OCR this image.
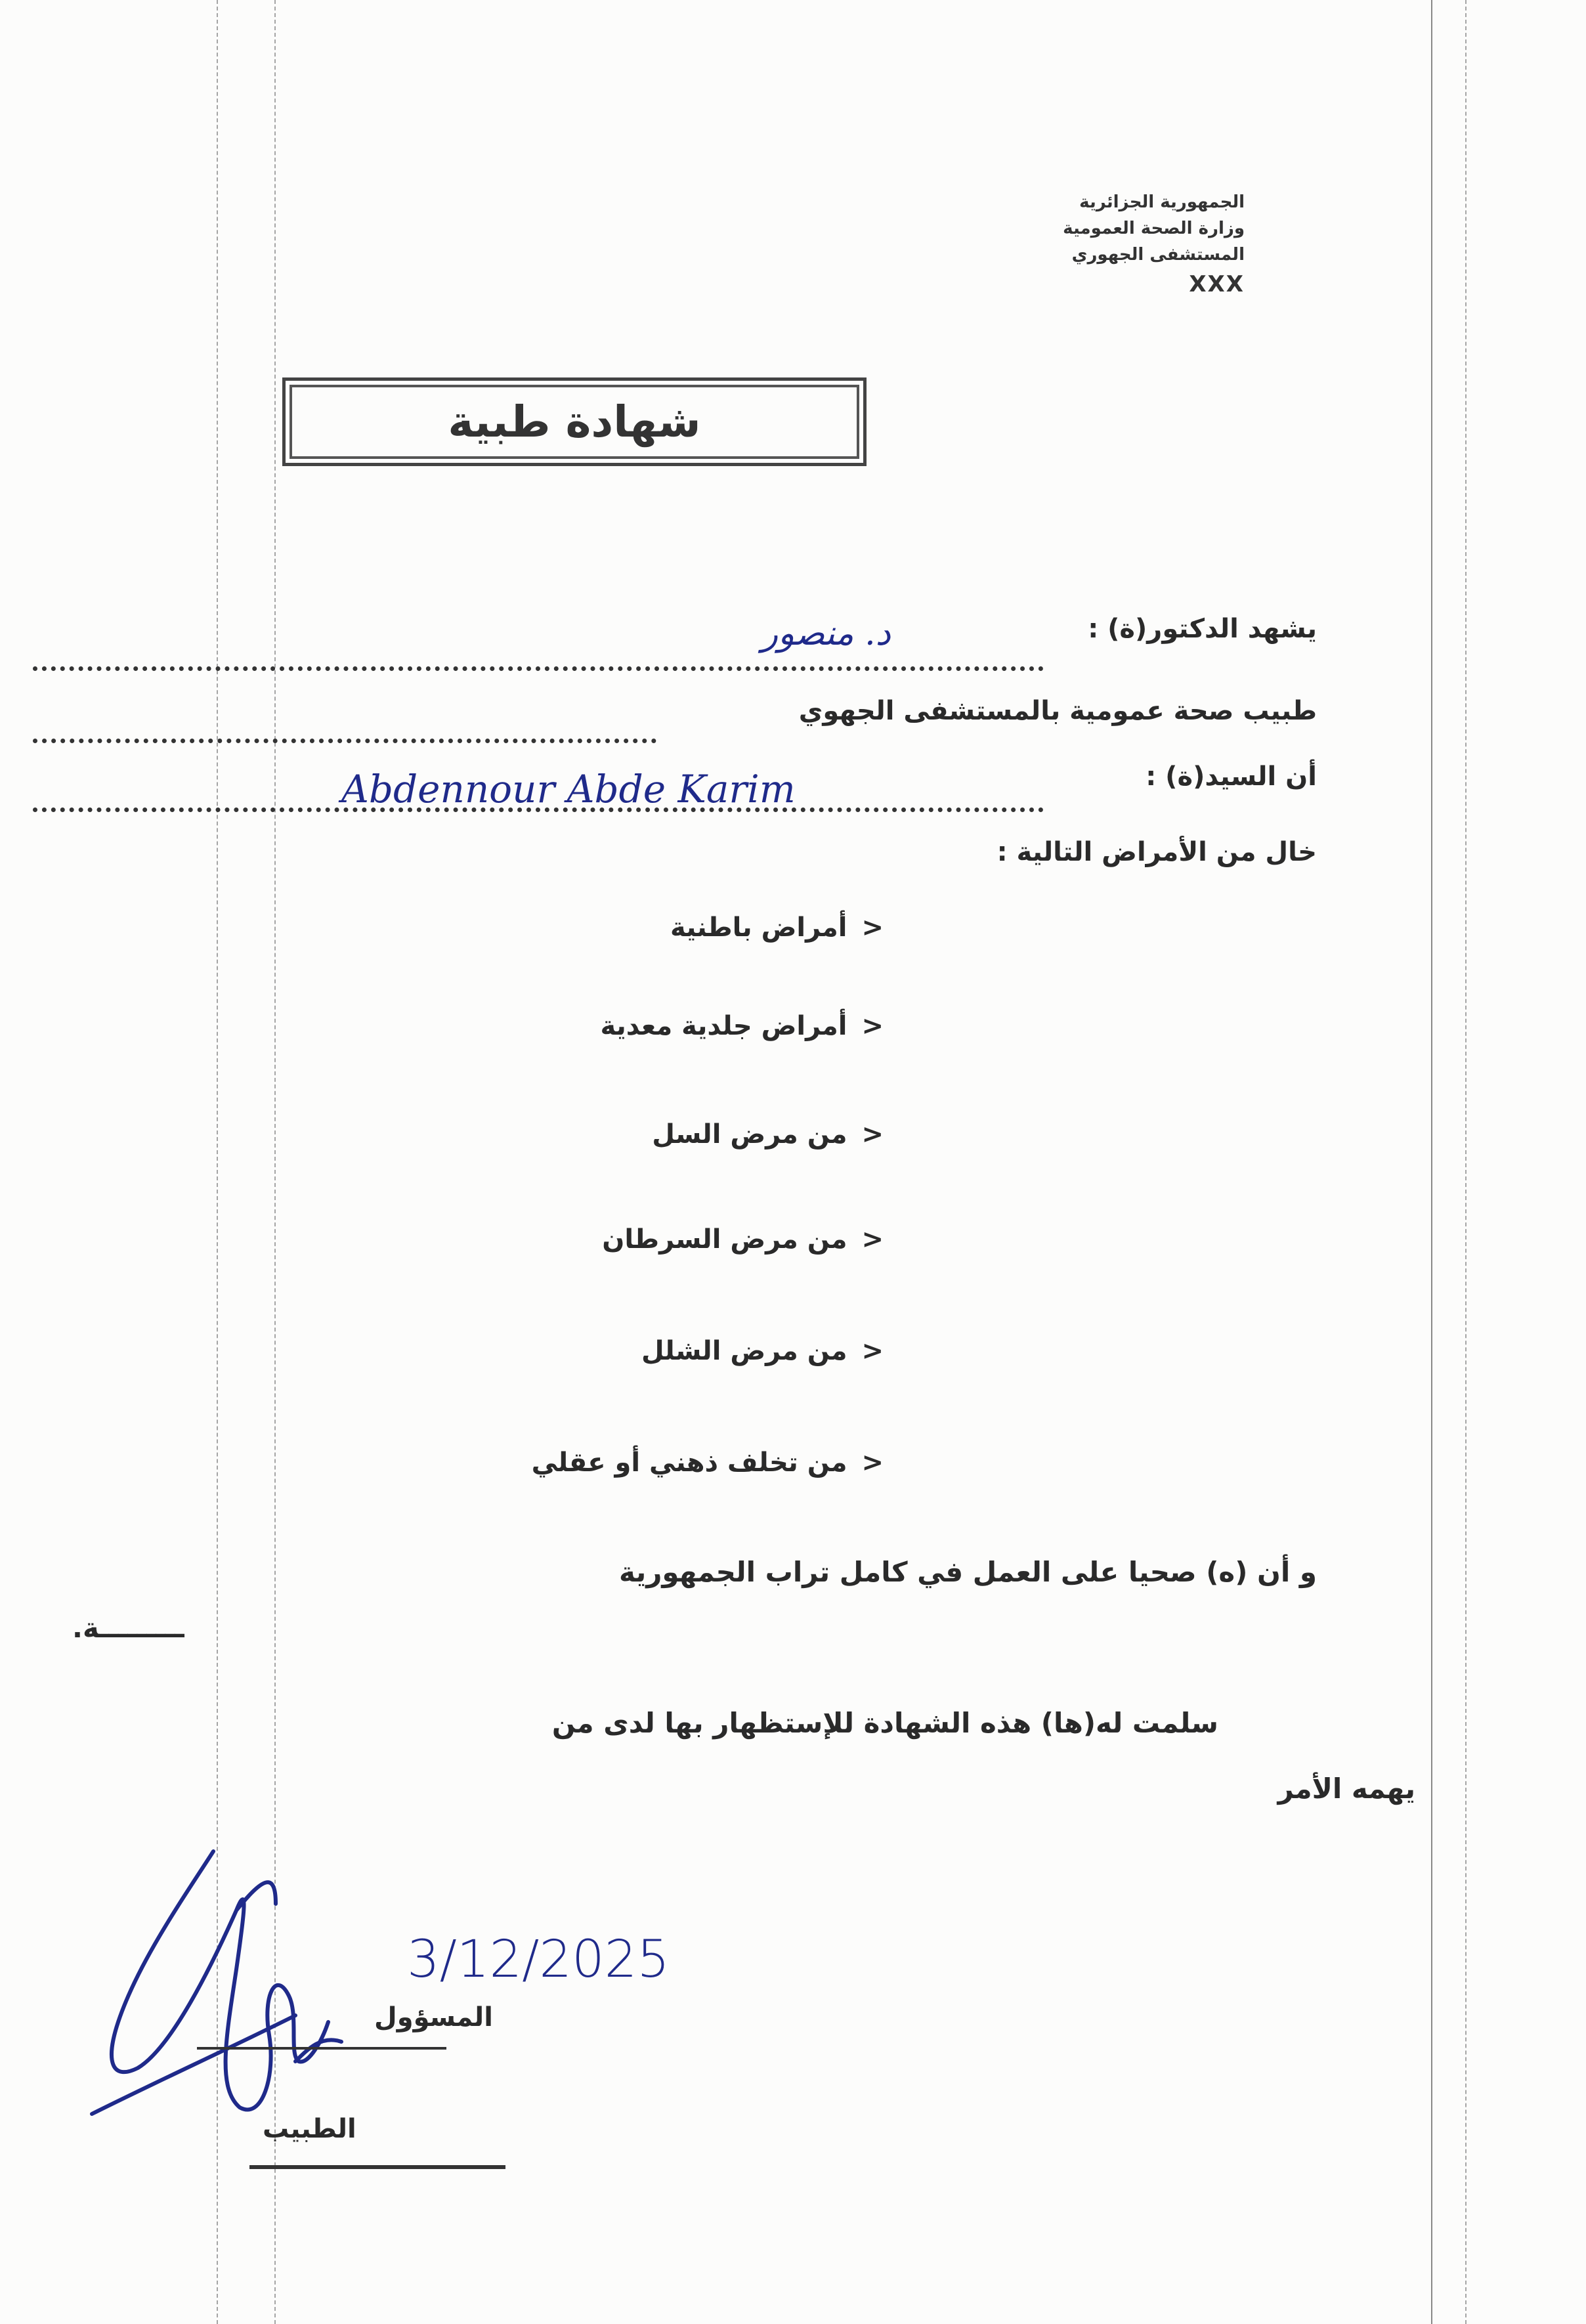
الجمهورية الجزائرية
وزارة الصحة العمومية
المستشفى الجهوري
XXX
شهادة طبية
يشهد الدكتور(ة) :
د. منصور
طبيب صحة عمومية بالمستشفى الجهوي
أن السيد(ة) :
Abdennour Abde Karim
خال من الأمراض التالية :
<أمراض باطنية
<أمراض جلدية معدية
<من مرض السل
<من مرض السرطان
<من مرض الشلل
<من تخلف ذهني أو عقلي
و أن (ه) صحيا على العمل في كامل تراب الجمهورية
ـــــــــة.
سلمت له(ها) هذه الشهادة للإستظهار بها لدى من
يهمه الأمر
3/12/2025
المسؤول
الطبيب
